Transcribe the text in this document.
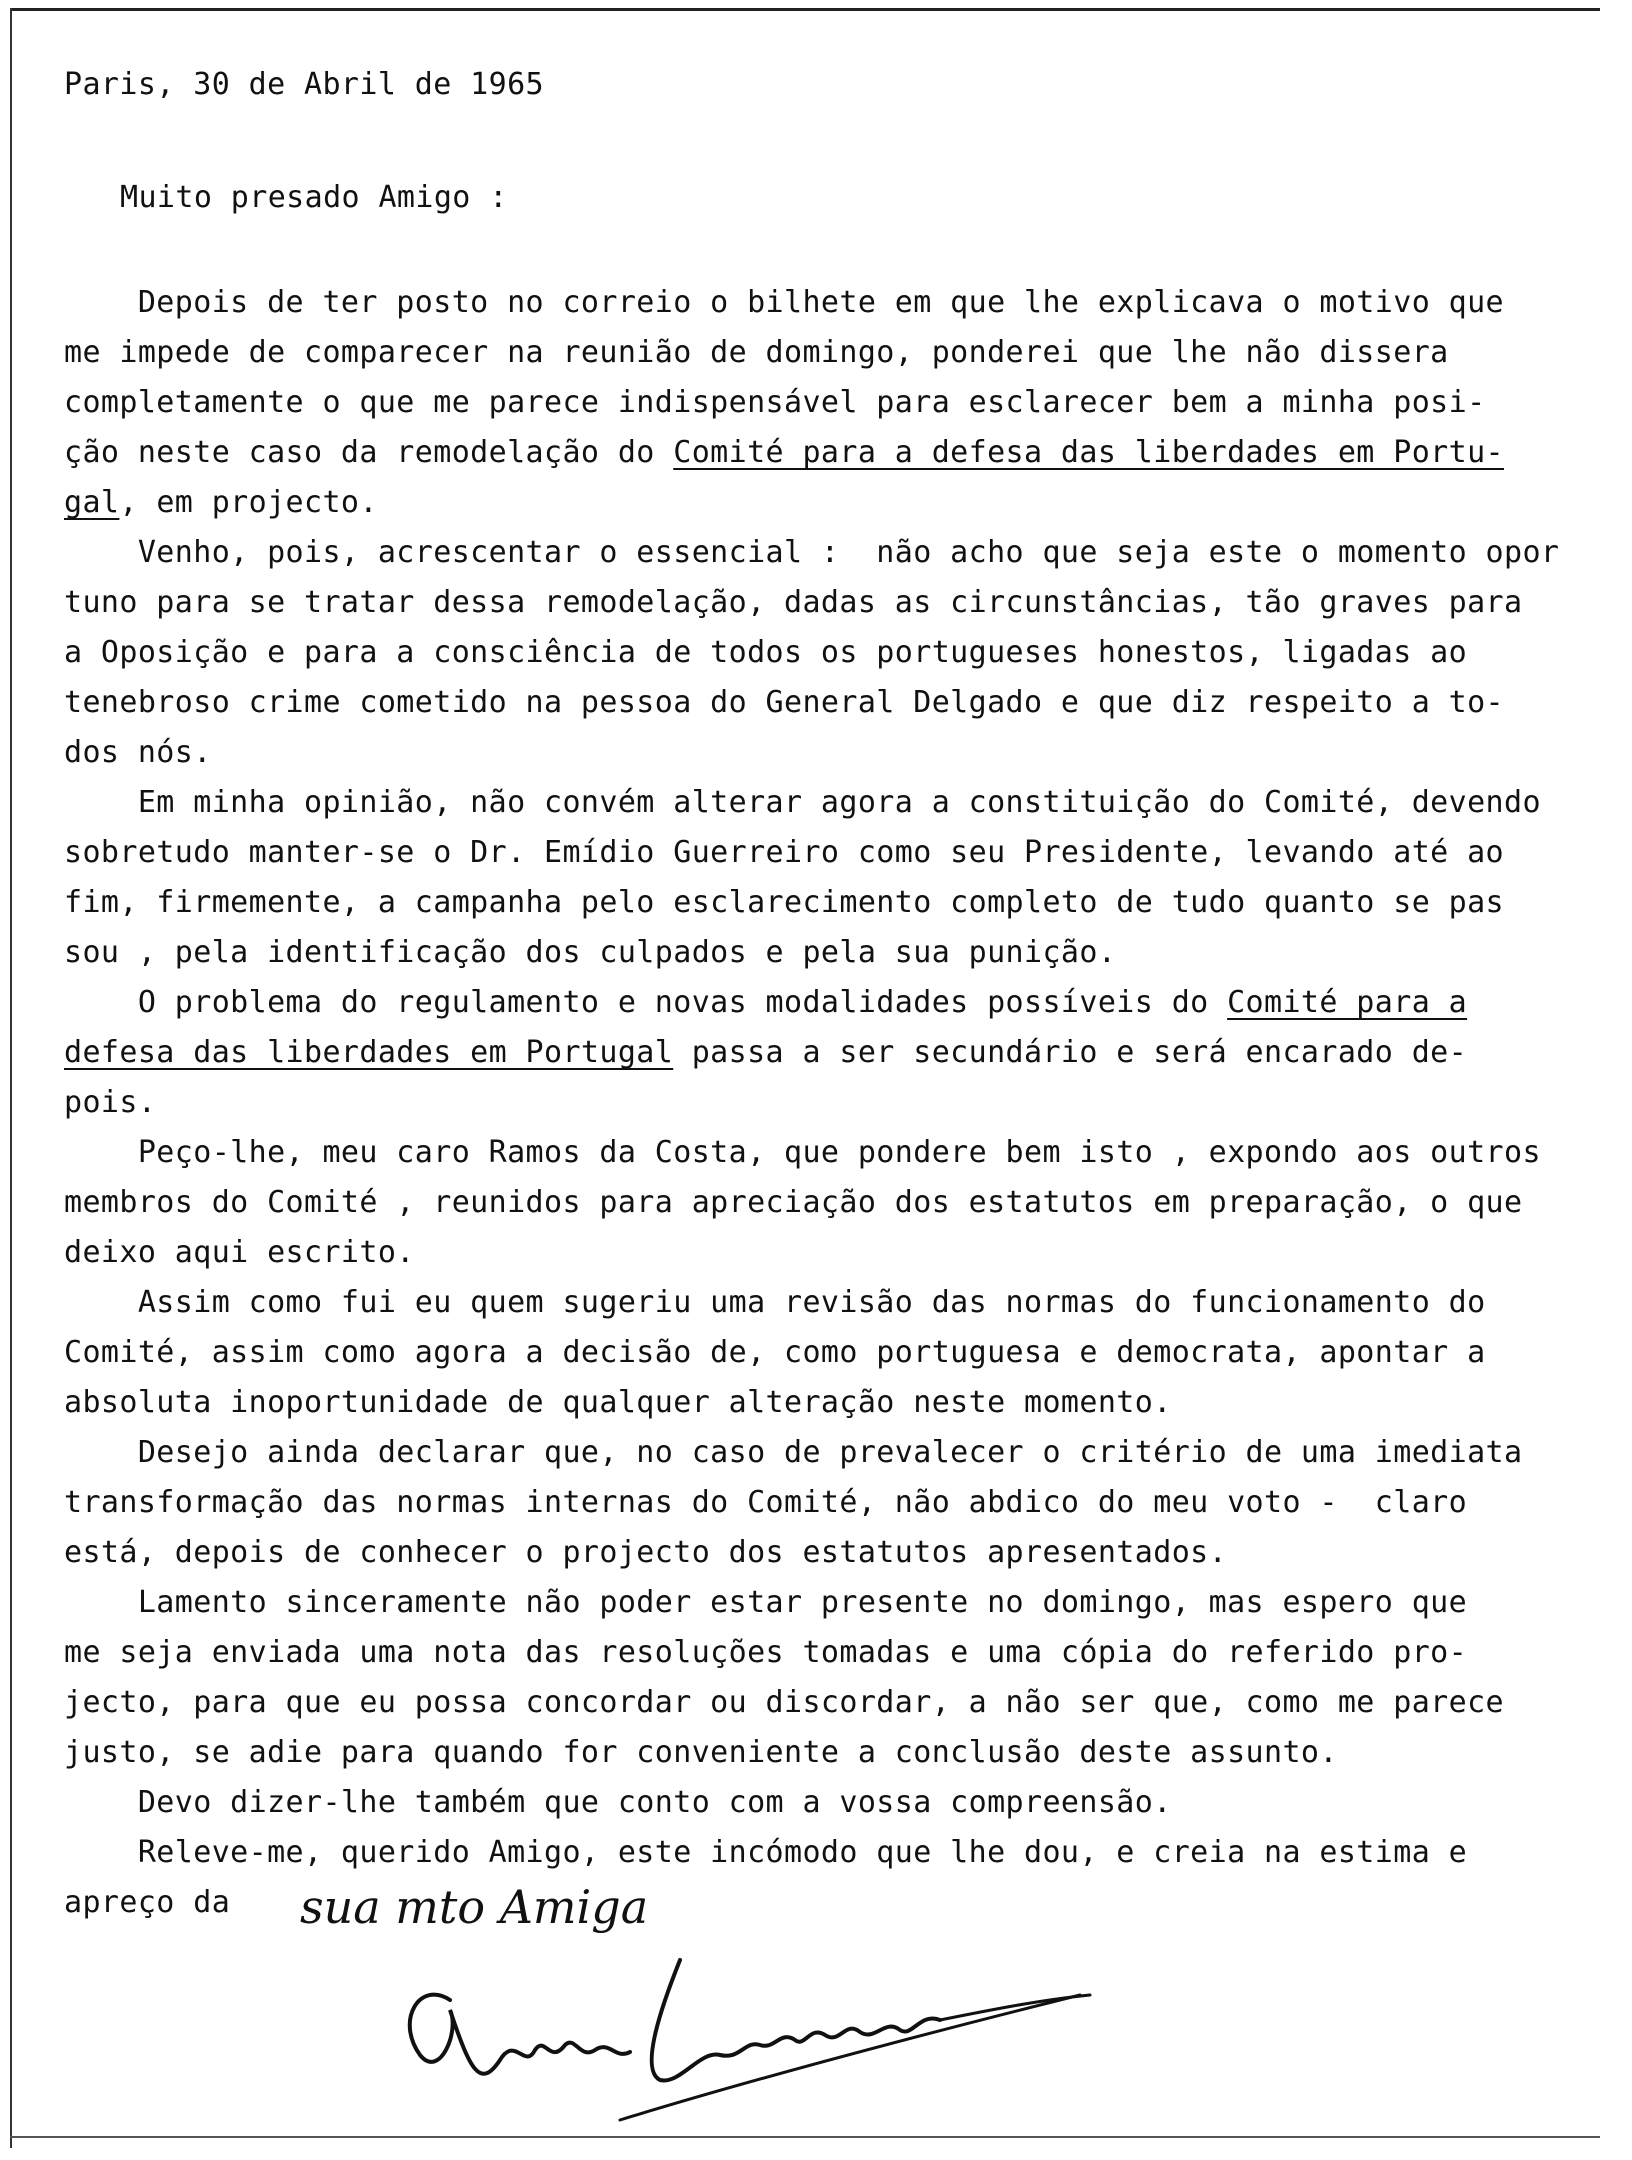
Paris, 30 de Abril de 1965
Muito presado Amigo :
Depois de ter posto no correio o bilhete em que lhe explicava o motivo que
me impede de comparecer na reunião de domingo, ponderei que lhe não dissera
completamente o que me parece indispensável para esclarecer bem a minha posi-
ção neste caso da remodelação do Comité para a defesa das liberdades em Portu-
gal, em projecto.
Venho, pois, acrescentar o essencial :  não acho que seja este o momento opor
tuno para se tratar dessa remodelação, dadas as circunstâncias, tão graves para
a Oposição e para a consciência de todos os portugueses honestos, ligadas ao
tenebroso crime cometido na pessoa do General Delgado e que diz respeito a to-
dos nós.
Em minha opinião, não convém alterar agora a constituição do Comité, devendo
sobretudo manter-se o Dr. Emídio Guerreiro como seu Presidente, levando até ao
fim, firmemente, a campanha pelo esclarecimento completo de tudo quanto se pas
sou , pela identificação dos culpados e pela sua punição.
O problema do regulamento e novas modalidades possíveis do Comité para a
defesa das liberdades em Portugal passa a ser secundário e será encarado de-
pois.
Peço-lhe, meu caro Ramos da Costa, que pondere bem isto , expondo aos outros
membros do Comité , reunidos para apreciação dos estatutos em preparação, o que
deixo aqui escrito.
Assim como fui eu quem sugeriu uma revisão das normas do funcionamento do
Comité, assim como agora a decisão de, como portuguesa e democrata, apontar a
absoluta inoportunidade de qualquer alteração neste momento.
Desejo ainda declarar que, no caso de prevalecer o critério de uma imediata
transformação das normas internas do Comité, não abdico do meu voto -  claro
está, depois de conhecer o projecto dos estatutos apresentados.
Lamento sinceramente não poder estar presente no domingo, mas espero que
me seja enviada uma nota das resoluções tomadas e uma cópia do referido pro-
jecto, para que eu possa concordar ou discordar, a não ser que, como me parece
justo, se adie para quando for conveniente a conclusão deste assunto.
Devo dizer-lhe também que conto com a vossa compreensão.
Releve-me, querido Amigo, este incómodo que lhe dou, e creia na estima e
apreço da	sua mto Amiga
